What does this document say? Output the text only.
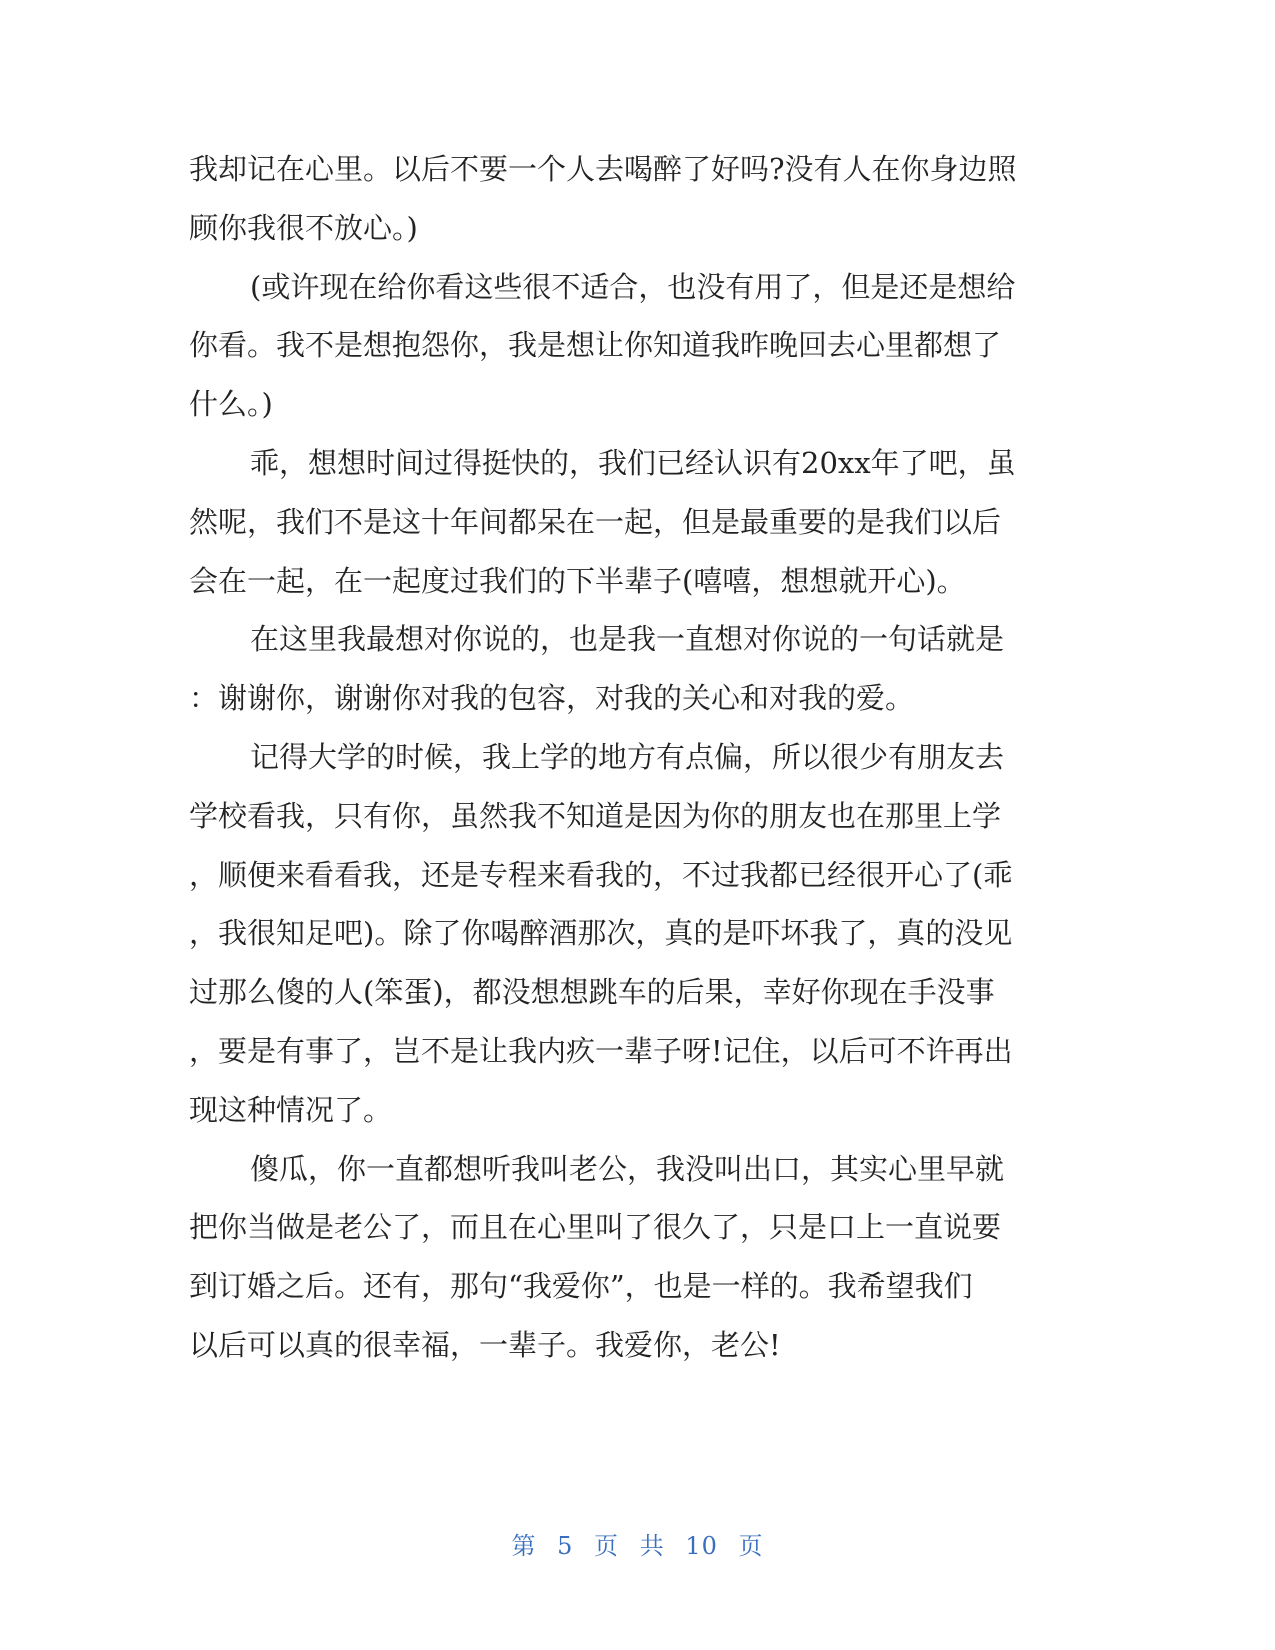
我却记在心里。以后不要一个人去喝醉了好吗?没有人在你身边照
顾你我很不放心。)
(或许现在给你看这些很不适合，也没有用了，但是还是想给
你看。我不是想抱怨你，我是想让你知道我昨晚回去心里都想了
什么。)
乖，想想时间过得挺快的，我们已经认识有20xx年了吧，虽
然呢，我们不是这十年间都呆在一起，但是最重要的是我们以后
会在一起，在一起度过我们的下半辈子(嘻嘻，想想就开心)。
在这里我最想对你说的，也是我一直想对你说的一句话就是
：谢谢你，谢谢你对我的包容，对我的关心和对我的爱。
记得大学的时候，我上学的地方有点偏，所以很少有朋友去
学校看我，只有你，虽然我不知道是因为你的朋友也在那里上学
，顺便来看看我，还是专程来看我的，不过我都已经很开心了(乖
，我很知足吧)。除了你喝醉酒那次，真的是吓坏我了，真的没见
过那么傻的人(笨蛋)，都没想想跳车的后果，幸好你现在手没事
，要是有事了，岂不是让我内疚一辈子呀!记住，以后可不许再出
现这种情况了。
傻瓜，你一直都想听我叫老公，我没叫出口，其实心里早就
把你当做是老公了，而且在心里叫了很久了，只是口上一直说要
到订婚之后。还有，那句“我爱你”，也是一样的。我希望我们
以后可以真的很幸福，一辈子。我爱你，老公!
第 5 页 共 10 页
